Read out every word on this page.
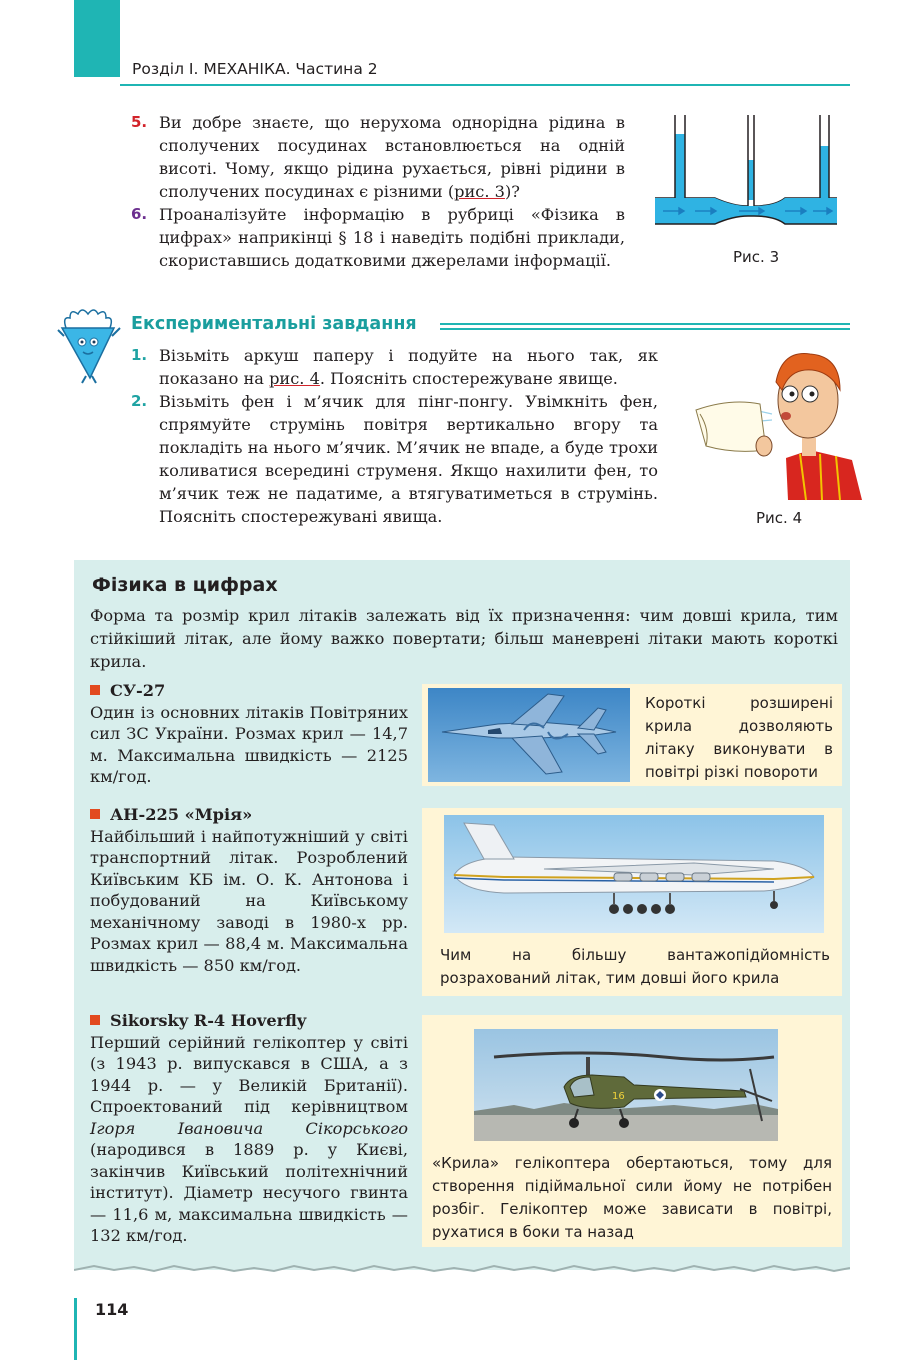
Розділ I. МЕХАНІКА. Частина 2
5. Ви добре знаєте, що нерухома однорідна рідина в сполучених посудинах встановлюється на одній висоті. Чому, якщо рідина рухається, рівні рідини в сполучених посудинах є різними (рис. 3)?
6. Проаналізуйте інформацію в рубриці «Фізика в цифрах» наприкінці § 18 і наведіть подібні приклади, скориставшись додатковими джерелами інформації.	Рис. 3
Експериментальні завдання
1. Візьміть аркуш паперу і подуйте на нього так, як показано на рис. 4. Поясніть спостережуване явище.
2. Візьміть фен і м’ячик для пінг-понгу. Увімкніть фен, спрямуйте струмінь повітря вертикально вгору та покладіть на нього м’ячик. М’ячик не впаде, а буде трохи коливатися всередині струменя. Якщо нахилити фен, то м’ячик теж не падатиме, а втягуватиметься в струмінь. Поясніть спостережувані явища.	Рис. 4
Фізика в цифрах
Форма та розмір крил літаків залежать від їх призначення: чим довші крила, тим стійкіший літак, але йому важко повертати; більш маневрені літаки мають короткі крила.
СУ-27
Один із основних літаків Повітряних сил ЗС України. Розмах крил — 14,7 м. Максимальна швидкість — 2125 км/год.
Короткі розширені крила дозволяють літаку виконувати в повітрі різкі повороти
АН-225 «Мрія»
Найбільший і найпотужніший у світі транспортний літак. Розроблений Київським КБ ім. О. К. Антонова і побудований на Київському механічному заводі в 1980-х рр. Розмах крил — 88,4 м. Максимальна швидкість — 850 км/год.
Чим на більшу вантажопідйомність розрахований літак, тим довші його крила
Sikorsky R-4 Hoverfly
Перший серійний гелікоптер у світі (з 1943 р. випускався в США, а з 1944 р. — у Великій Британії). Спроектований під керівництвом Ігоря Івановича Сікорського (народився в 1889 р. у Києві, закінчив Київський політехнічний інститут). Діаметр несучого гвинта — 11,6 м, максимальна швидкість — 132 км/год.
16
«Крила» гелікоптера обертаються, тому для створення підіймальної сили йому не потрібен розбіг. Гелікоптер може зависати в повітрі, рухатися в боки та назад
114
